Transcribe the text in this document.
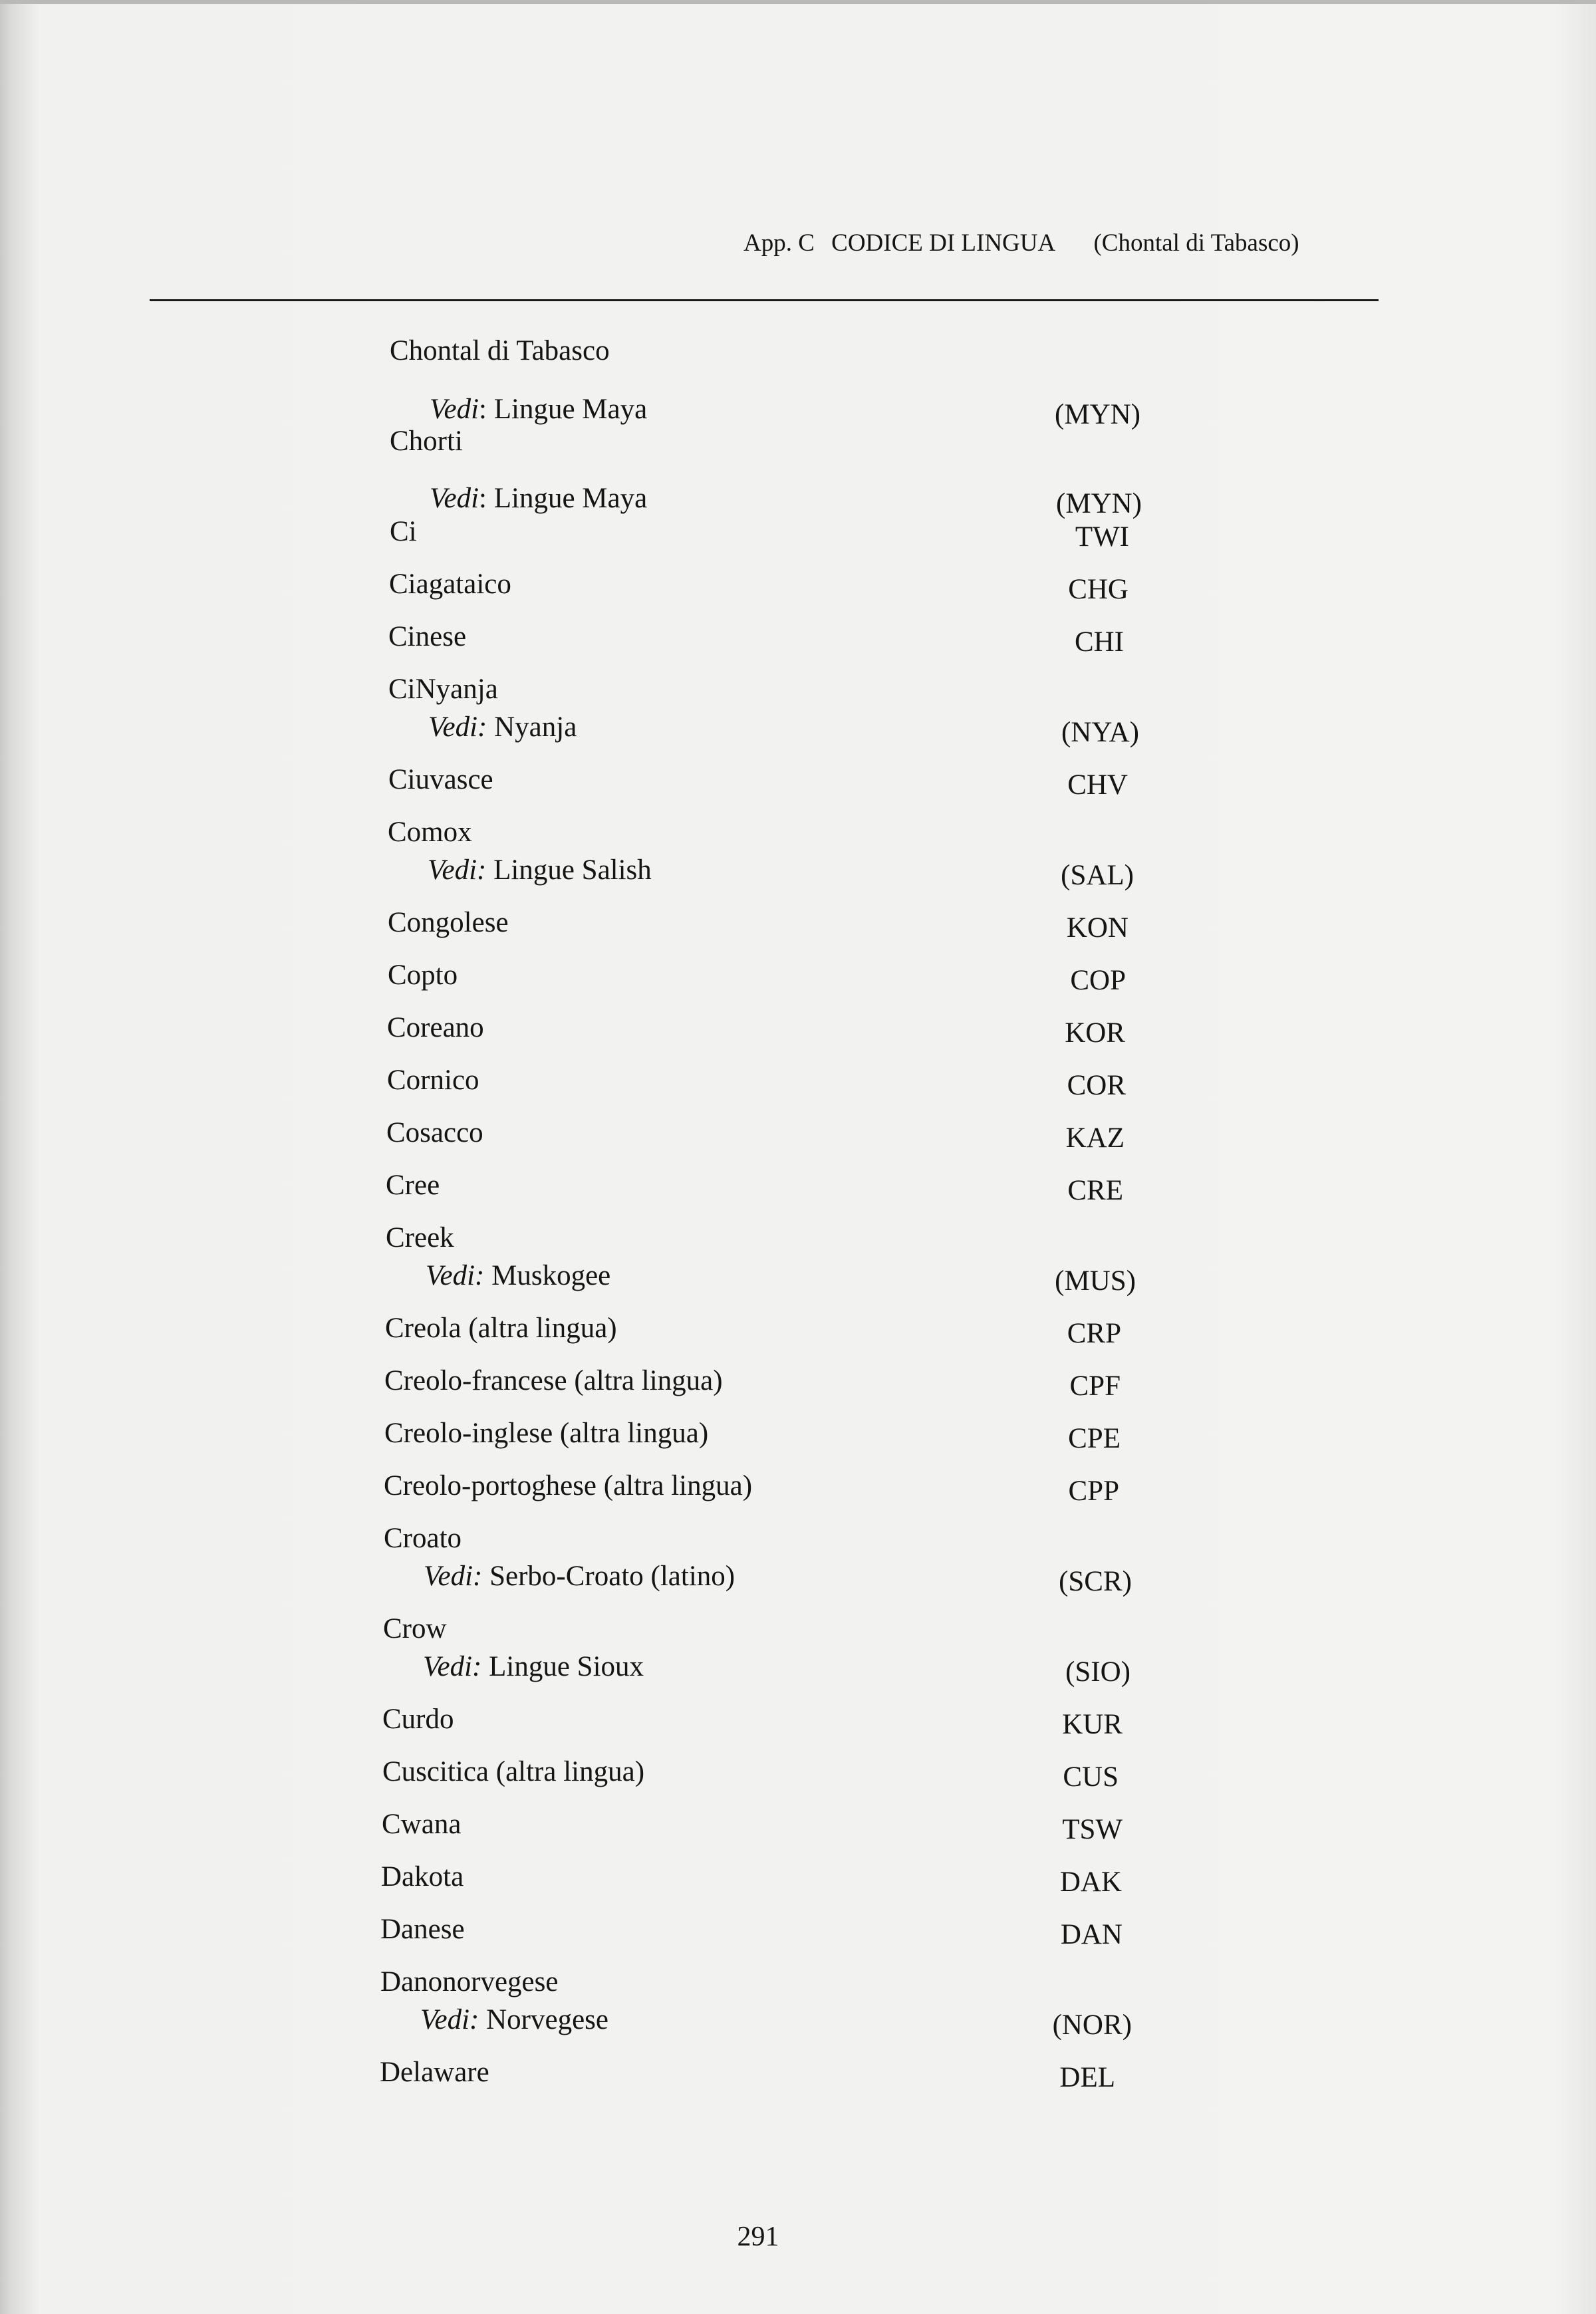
App. C CODICE DI LINGUA (Chontal di Tabasco)
Chontal di Tabasco
Vedi: Lingue Maya	(MYN)
Chorti
Vedi: Lingue Maya	(MYN)
Ci	TWI
Ciagataico	CHG
Cinese	CHI
CiNyanja
Vedi: Nyanja	(NYA)
Ciuvasce	CHV
Comox
Vedi: Lingue Salish	(SAL)
Congolese	KON
Copto	COP
Coreano	KOR
Cornico	COR
Cosacco	KAZ
Cree	CRE
Creek
Vedi: Muskogee	(MUS)
Creola (altra lingua)	CRP
Creolo-francese (altra lingua)	CPF
Creolo-inglese (altra lingua)	CPE
Creolo-portoghese (altra lingua)	CPP
Croato
Vedi: Serbo-Croato (latino)	(SCR)
Crow
Vedi: Lingue Sioux	(SIO)
Curdo	KUR
Cuscitica (altra lingua)	CUS
Cwana	TSW
Dakota	DAK
Danese	DAN
Danonorvegese
Vedi: Norvegese	(NOR)
Delaware	DEL
291
